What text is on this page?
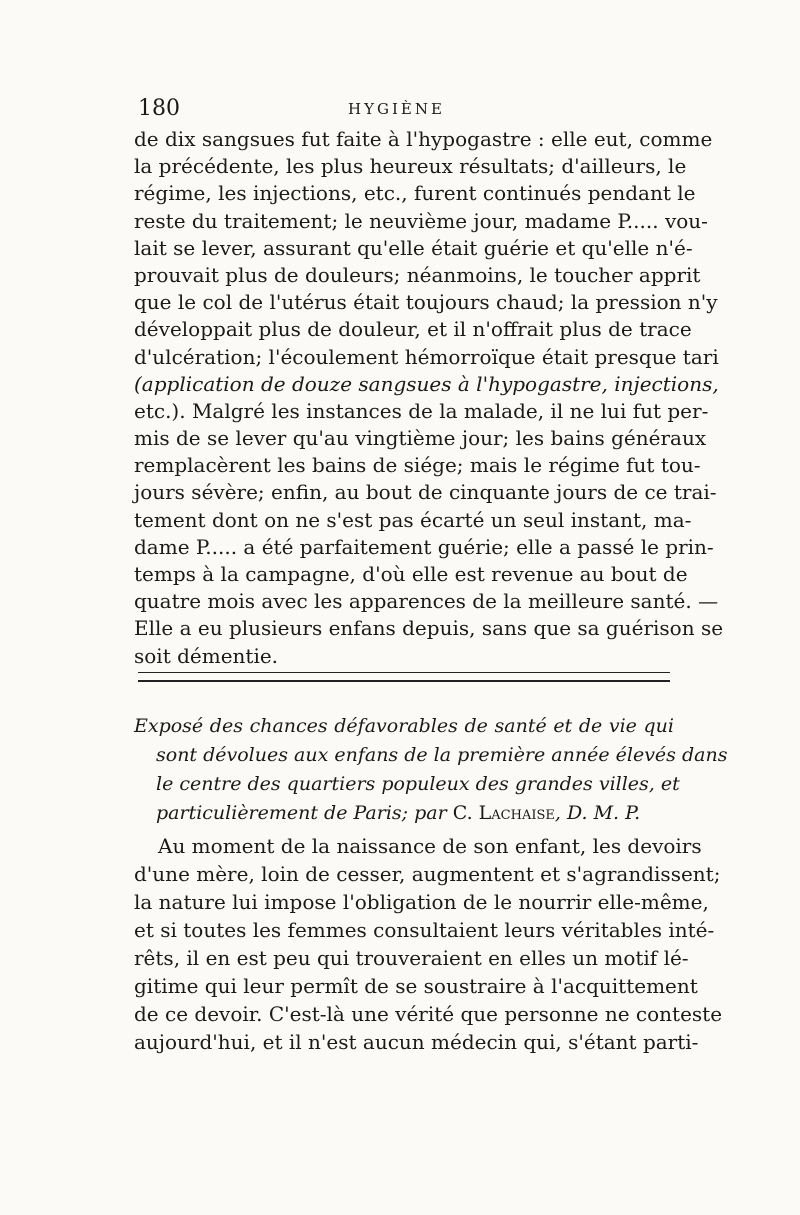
180	HYGIÈNE
de dix sangsues fut faite à l'hypogastre : elle eut, comme
la précédente, les plus heureux résultats; d'ailleurs, le
régime, les injections, etc., furent continués pendant le
reste du traitement; le neuvième jour, madame P..... vou-
lait se lever, assurant qu'elle était guérie et qu'elle n'é-
prouvait plus de douleurs; néanmoins, le toucher apprit
que le col de l'utérus était toujours chaud; la pression n'y
développait plus de douleur, et il n'offrait plus de trace
d'ulcération; l'écoulement hémorroïque était presque tari
(application de douze sangsues à l'hypogastre, injections,
etc.). Malgré les instances de la malade, il ne lui fut per-
mis de se lever qu'au vingtième jour; les bains généraux
remplacèrent les bains de siége; mais le régime fut tou-
jours sévère; enfin, au bout de cinquante jours de ce trai-
tement dont on ne s'est pas écarté un seul instant, ma-
dame P..... a été parfaitement guérie; elle a passé le prin-
temps à la campagne, d'où elle est revenue au bout de
quatre mois avec les apparences de la meilleure santé. —
Elle a eu plusieurs enfans depuis, sans que sa guérison se
soit démentie.
Exposé des chances défavorables de santé et de vie qui
sont dévolues aux enfans de la première année élevés dans
le centre des quartiers populeux des grandes villes, et
particulièrement de Paris; par C. Lachaise, D. M. P.
Au moment de la naissance de son enfant, les devoirs
d'une mère, loin de cesser, augmentent et s'agrandissent;
la nature lui impose l'obligation de le nourrir elle-même,
et si toutes les femmes consultaient leurs véritables inté-
rêts, il en est peu qui trouveraient en elles un motif lé-
gitime qui leur permît de se soustraire à l'acquittement
de ce devoir. C'est-là une vérité que personne ne conteste
aujourd'hui, et il n'est aucun médecin qui, s'étant parti-
